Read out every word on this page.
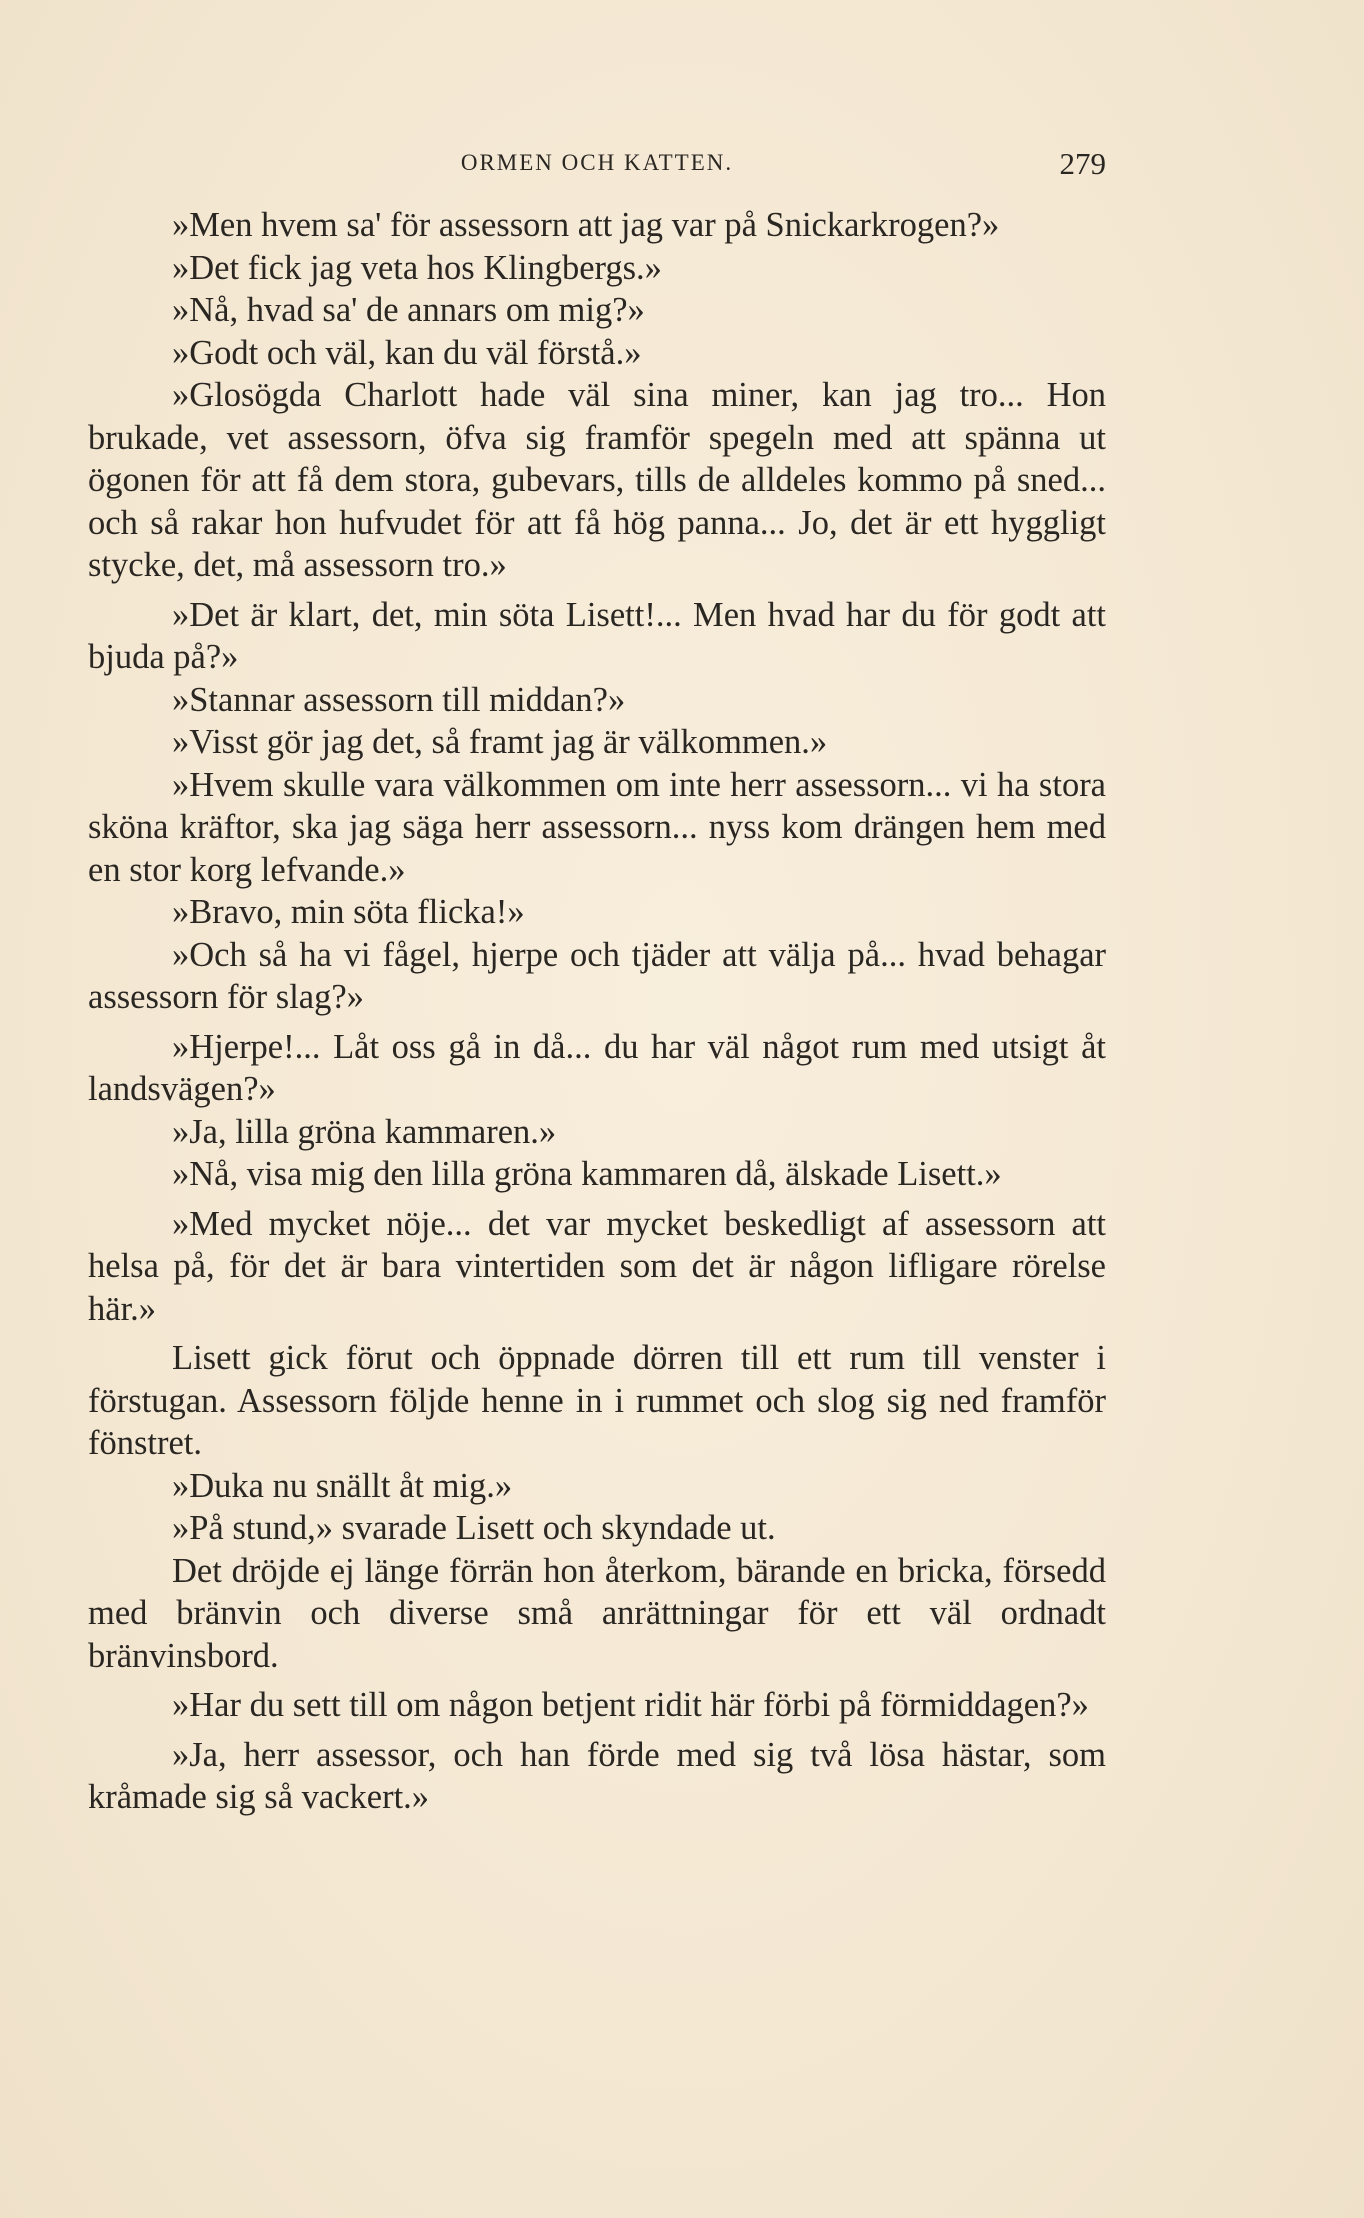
ORMEN OCH KATTEN.	279

»Men hvem sa' för assessorn att jag var på Snickarkrogen?»

»Det fick jag veta hos Klingbergs.»

»Nå, hvad sa' de annars om mig?»

»Godt och väl, kan du väl förstå.»

»Glosögda Charlott hade väl sina miner, kan jag tro... Hon brukade, vet assessorn, öfva sig framför spegeln med att spänna ut ögonen för att få dem stora, gubevars, tills de alldeles kommo på sned... och så rakar hon hufvudet för att få hög panna... Jo, det är ett hyggligt stycke, det, må assessorn tro.»

»Det är klart, det, min söta Lisett!... Men hvad har du för godt att bjuda på?»

»Stannar assessorn till middan?»

»Visst gör jag det, så framt jag är välkommen.»

»Hvem skulle vara välkommen om inte herr assessorn... vi ha stora sköna kräftor, ska jag säga herr assessorn... nyss kom drängen hem med en stor korg lefvande.»

»Bravo, min söta flicka!»

»Och så ha vi fågel, hjerpe och tjäder att välja på... hvad behagar assessorn för slag?»

»Hjerpe!... Låt oss gå in då... du har väl något rum med utsigt åt landsvägen?»

»Ja, lilla gröna kammaren.»

»Nå, visa mig den lilla gröna kammaren då, älskade Lisett.»

»Med mycket nöje... det var mycket beskedligt af assessorn att helsa på, för det är bara vintertiden som det är någon lifligare rörelse här.»

Lisett gick förut och öppnade dörren till ett rum till venster i förstugan. Assessorn följde henne in i rummet och slog sig ned framför fönstret.

»Duka nu snällt åt mig.»

»På stund,» svarade Lisett och skyndade ut.

Det dröjde ej länge förrän hon återkom, bärande en bricka, försedd med bränvin och diverse små anrättningar för ett väl ordnadt bränvinsbord.

»Har du sett till om någon betjent ridit här förbi på förmiddagen?»

»Ja, herr assessor, och han förde med sig två lösa hästar, som kråmade sig så vackert.»
